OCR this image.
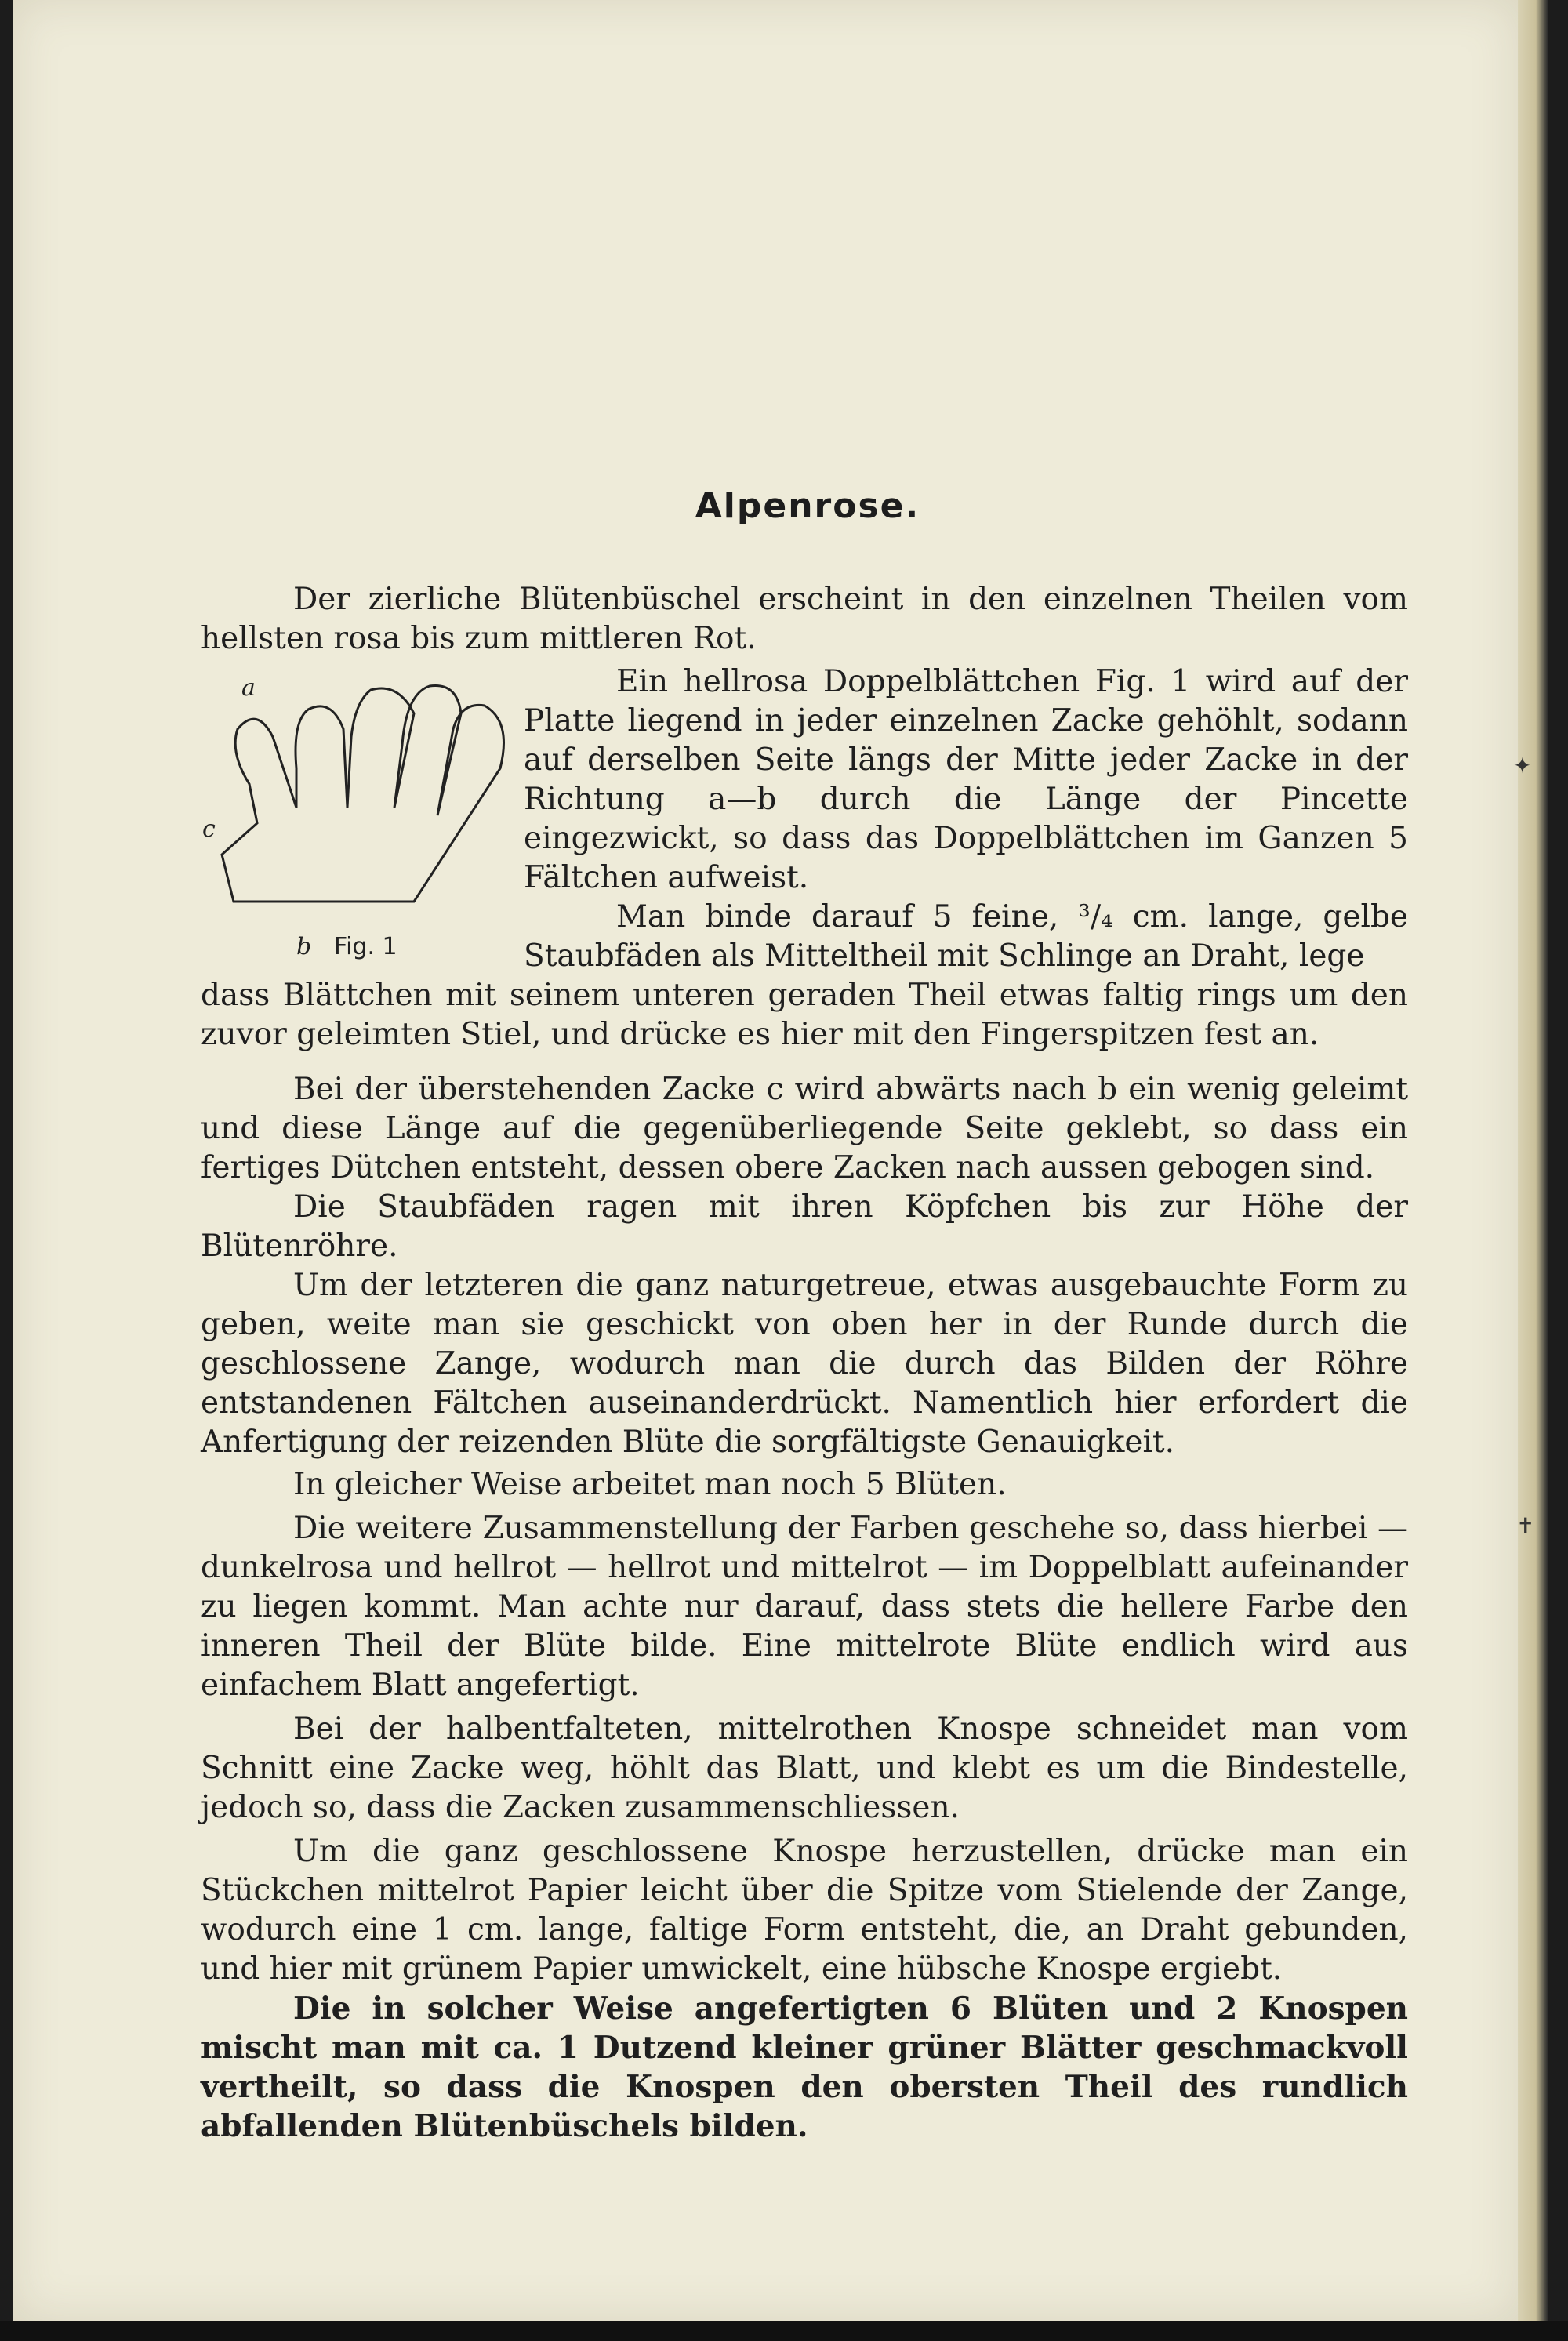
✦
✝
Alpenrose.

Der zierliche Blütenbüschel erscheint in den einzelnen Theilen vom hellsten rosa bis zum mittleren Rot.

Ein hellrosa Doppelblättchen Fig. 1 wird auf der Platte liegend in jeder einzelnen Zacke gehöhlt, sodann auf derselben Seite längs der Mitte jeder Zacke in der Richtung a—b durch die Länge der Pincette eingezwickt, so dass das Doppelblättchen im Ganzen 5 Fältchen aufweist.

Man binde darauf 5 feine, ³/₄ cm. lange, gelbe Staubfäden als Mitteltheil mit Schlinge an Draht, lege

a
c
b Fig. 1

dass Blättchen mit seinem unteren geraden Theil etwas faltig rings um den zuvor geleimten Stiel, und drücke es hier mit den Fingerspitzen fest an.

Bei der überstehenden Zacke c wird abwärts nach b ein wenig geleimt und diese Länge auf die gegenüberliegende Seite geklebt, so dass ein fertiges Dütchen entsteht, dessen obere Zacken nach aussen gebogen sind.

Die Staubfäden ragen mit ihren Köpfchen bis zur Höhe der Blütenröhre.

Um der letzteren die ganz naturgetreue, etwas ausgebauchte Form zu geben, weite man sie geschickt von oben her in der Runde durch die geschlossene Zange, wodurch man die durch das Bilden der Röhre entstandenen Fältchen auseinanderdrückt. Namentlich hier erfordert die Anfertigung der reizenden Blüte die sorgfältigste Genauigkeit.

In gleicher Weise arbeitet man noch 5 Blüten.

Die weitere Zusammenstellung der Farben geschehe so, dass hierbei — dunkelrosa und hellrot — hellrot und mittelrot — im Doppelblatt aufeinander zu liegen kommt. Man achte nur darauf, dass stets die hellere Farbe den inneren Theil der Blüte bilde. Eine mittelrote Blüte endlich wird aus einfachem Blatt angefertigt.

Bei der halbentfalteten, mittelrothen Knospe schneidet man vom Schnitt eine Zacke weg, höhlt das Blatt, und klebt es um die Bindestelle, jedoch so, dass die Zacken zusammenschliessen.

Um die ganz geschlossene Knospe herzustellen, drücke man ein Stückchen mittelrot Papier leicht über die Spitze vom Stielende der Zange, wodurch eine 1 cm. lange, faltige Form entsteht, die, an Draht gebunden, und hier mit grünem Papier umwickelt, eine hübsche Knospe ergiebt.

Die in solcher Weise angefertigten 6 Blüten und 2 Knospen mischt man mit ca. 1 Dutzend kleiner grüner Blätter geschmackvoll vertheilt, so dass die Knospen den obersten Theil des rundlich abfallenden Blütenbüschels bilden.
